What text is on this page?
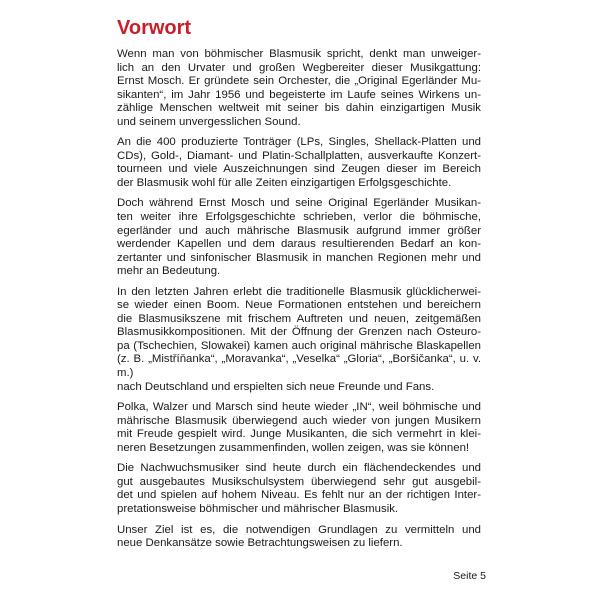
Vorwort

Wenn man von böhmischer Blasmusik spricht, denkt man unweiger-
lich an den Urvater und großen Wegbereiter dieser Musikgattung:
Ernst Mosch. Er gründete sein Orchester, die „Original Egerländer Mu-
sikanten“, im Jahr 1956 und begeisterte im Laufe seines Wirkens un-
zählige Menschen weltweit mit seiner bis dahin einzigartigen Musik
und seinem unvergesslichen Sound.

An die 400 produzierte Tonträger (LPs, Singles, Shellack-Platten und
CDs), Gold-, Diamant- und Platin-Schallplatten, ausverkaufte Konzert-
tourneen und viele Auszeichnungen sind Zeugen dieser im Bereich
der Blasmusik wohl für alle Zeiten einzigartigen Erfolgsgeschichte.

Doch während Ernst Mosch und seine Original Egerländer Musikan-
ten weiter ihre Erfolgsgeschichte schrieben, verlor die böhmische,
egerländer und auch mährische Blasmusik aufgrund immer größer
werdender Kapellen und dem daraus resultierenden Bedarf an kon-
zertanter und sinfonischer Blasmusik in manchen Regionen mehr und
mehr an Bedeutung.

In den letzten Jahren erlebt die traditionelle Blasmusik glücklicherwei-
se wieder einen Boom. Neue Formationen entstehen und bereichern
die Blasmusikszene mit frischem Auftreten und neuen, zeitgemäßen
Blasmusikkompositionen. Mit der Öffnung der Grenzen nach Osteuro-
pa (Tschechien, Slowakei) kamen auch original mährische Blaskapellen
(z. B. „Mistříňanka“, „Moravanka“, „Veselka“ „Gloria“, „Boršičanka“, u. v. m.)
nach Deutschland und erspielten sich neue Freunde und Fans.

Polka, Walzer und Marsch sind heute wieder „IN“, weil böhmische und
mährische Blasmusik überwiegend auch wieder von jungen Musikern
mit Freude gespielt wird. Junge Musikanten, die sich vermehrt in klei-
neren Besetzungen zusammenfinden, wollen zeigen, was sie können!

Die Nachwuchsmusiker sind heute durch ein flächendeckendes und
gut ausgebautes Musikschulsystem überwiegend sehr gut ausgebil-
det und spielen auf hohem Niveau. Es fehlt nur an der richtigen Inter-
pretationsweise böhmischer und mährischer Blasmusik.

Unser Ziel ist es, die notwendigen Grundlagen zu vermitteln und
neue Denkansätze sowie Betrachtungsweisen zu liefern.

Seite 5
